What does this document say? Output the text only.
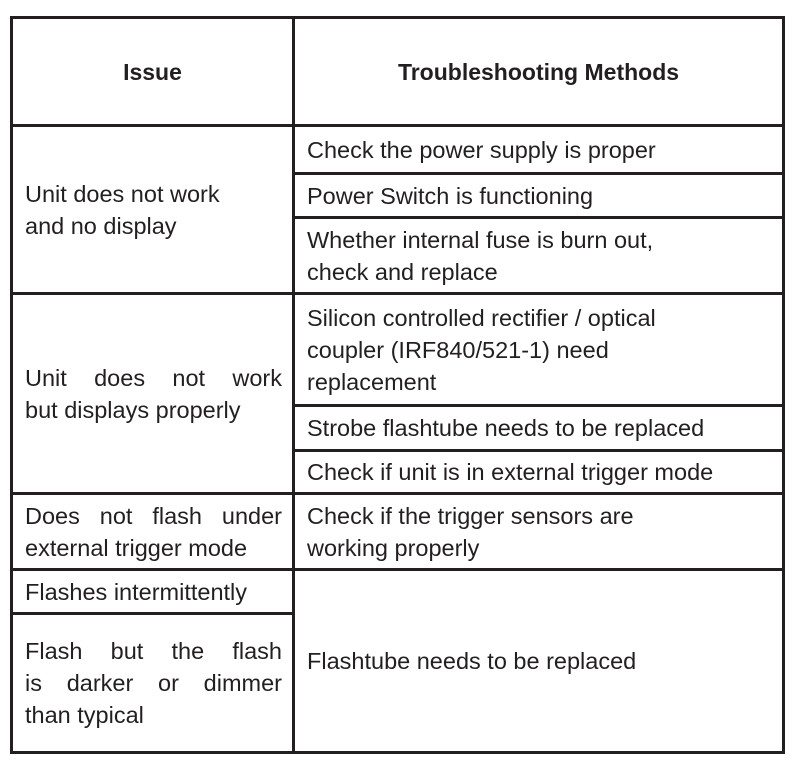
Issue	Troubleshooting Methods
Unit does not work
and no display
Check the power supply is proper
Power Switch is functioning
Whether internal fuse is burn out, check and replace
Unit does not work
but displays properly
Silicon controlled rectifier / optical coupler (IRF840/521-1) need replacement
Strobe flashtube needs to be replaced
Check if unit is in external trigger mode
Does not flash under
external trigger mode
Check if the trigger sensors are working properly
Flashes intermittently
Flash but the flash
is darker or dimmer
than typical
Flashtube needs to be replaced
